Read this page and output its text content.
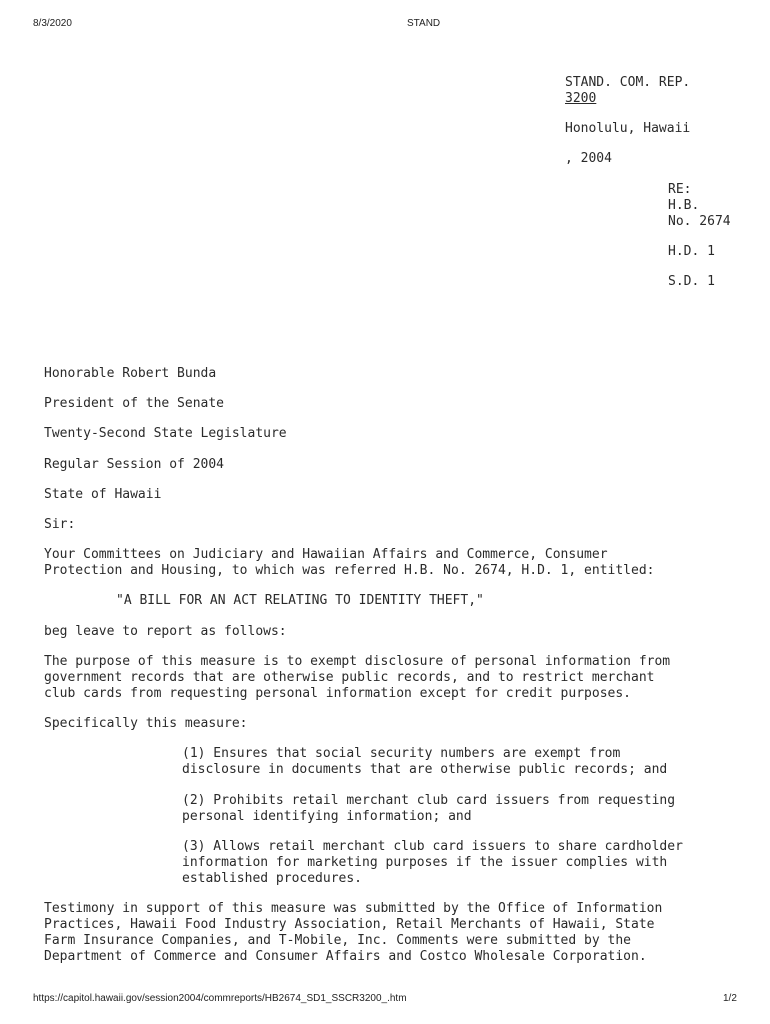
8/3/2020	STAND
STAND. COM. REP.
3200
Honolulu, Hawaii
, 2004
RE:
H.B.
No. 2674
H.D. 1
S.D. 1
Honorable Robert Bunda
President of the Senate
Twenty-Second State Legislature
Regular Session of 2004
State of Hawaii
Sir:
Your Committees on Judiciary and Hawaiian Affairs and Commerce, Consumer
Protection and Housing, to which was referred H.B. No. 2674, H.D. 1, entitled:
"A BILL FOR AN ACT RELATING TO IDENTITY THEFT,"
beg leave to report as follows:
The purpose of this measure is to exempt disclosure of personal information from
government records that are otherwise public records, and to restrict merchant
club cards from requesting personal information except for credit purposes.
Specifically this measure:
(1) Ensures that social security numbers are exempt from
disclosure in documents that are otherwise public records; and
(2) Prohibits retail merchant club card issuers from requesting
personal identifying information; and
(3) Allows retail merchant club card issuers to share cardholder
information for marketing purposes if the issuer complies with
established procedures.
Testimony in support of this measure was submitted by the Office of Information
Practices, Hawaii Food Industry Association, Retail Merchants of Hawaii, State
Farm Insurance Companies, and T-Mobile, Inc. Comments were submitted by the
Department of Commerce and Consumer Affairs and Costco Wholesale Corporation.
https://capitol.hawaii.gov/session2004/commreports/HB2674_SD1_SSCR3200_.htm	1/2
